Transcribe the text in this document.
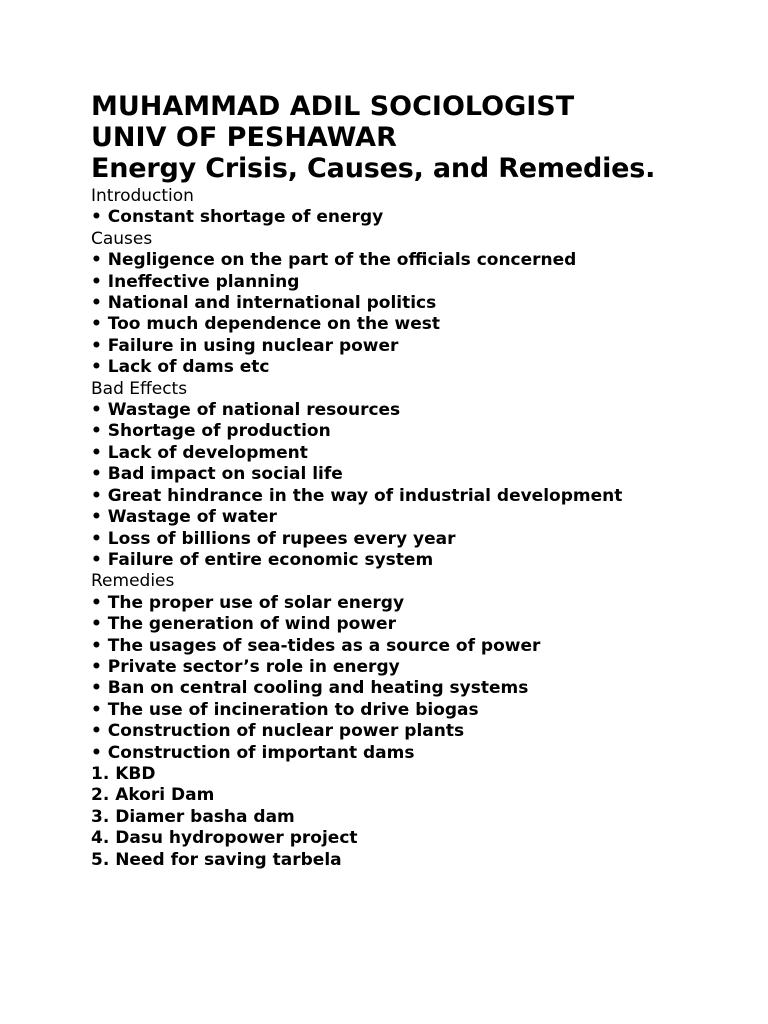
MUHAMMAD ADIL SOCIOLOGIST
UNIV OF PESHAWAR
Energy Crisis, Causes, and Remedies.
Introduction
• Constant shortage of energy
Causes
• Negligence on the part of the officials concerned
• Ineffective planning
• National and international politics
• Too much dependence on the west
• Failure in using nuclear power
• Lack of dams etc
Bad Effects
• Wastage of national resources
• Shortage of production
• Lack of development
• Bad impact on social life
• Great hindrance in the way of industrial development
• Wastage of water
• Loss of billions of rupees every year
• Failure of entire economic system
Remedies
• The proper use of solar energy
• The generation of wind power
• The usages of sea-tides as a source of power
• Private sector’s role in energy
• Ban on central cooling and heating systems
• The use of incineration to drive biogas
• Construction of nuclear power plants
• Construction of important dams
1. KBD
2. Akori Dam
3. Diamer basha dam
4. Dasu hydropower project
5. Need for saving tarbela
